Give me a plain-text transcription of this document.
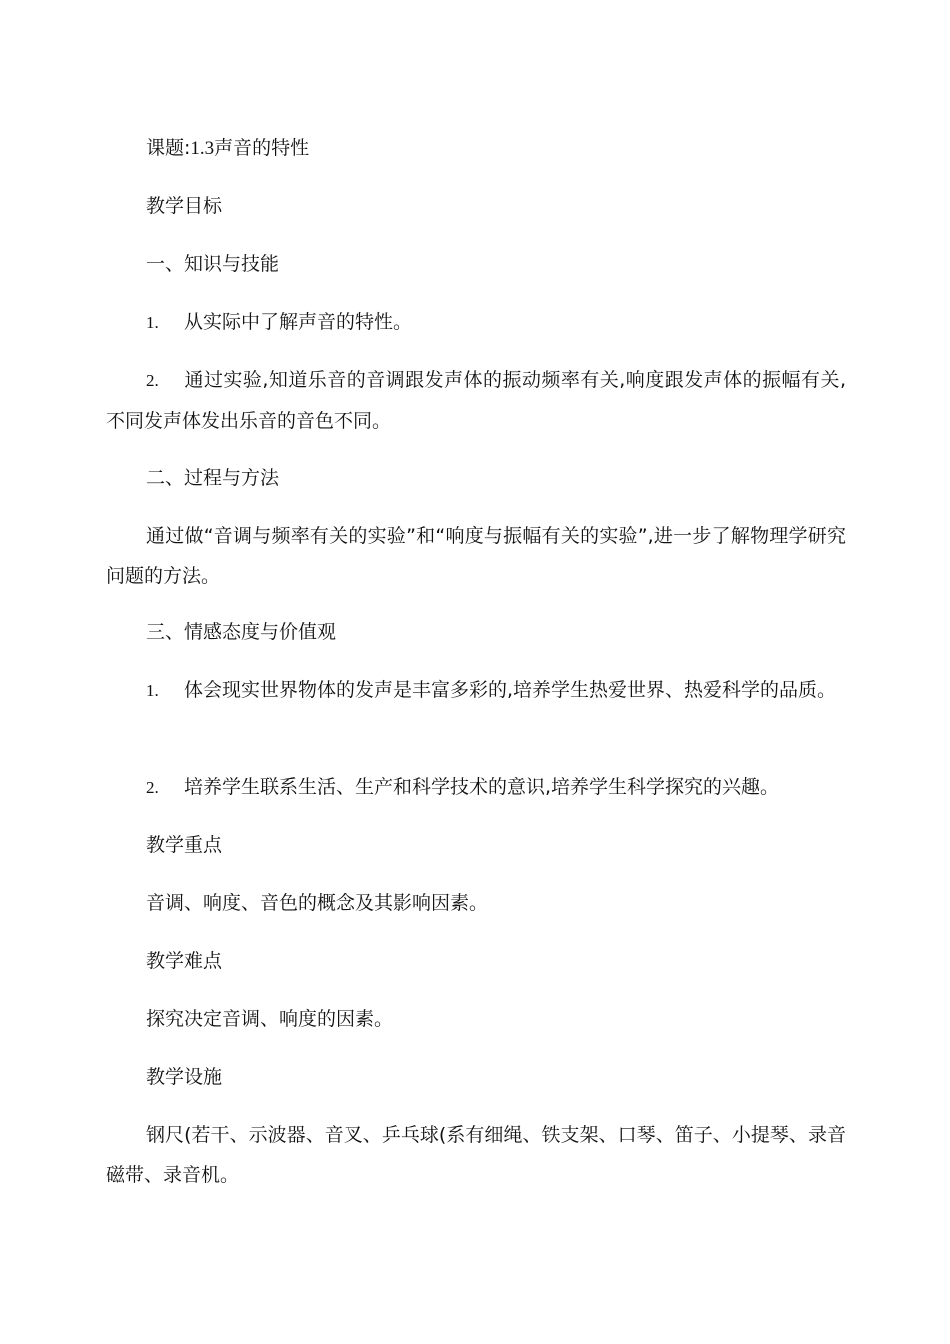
课题:1.3声音的特性
教学目标
一、知识与技能
1. 从实际中了解声音的特性。
2. 通过实验,知道乐音的音调跟发声体的振动频率有关,响度跟发声体的振幅有关,不同发声体发出乐音的音色不同。
二、过程与方法
通过做“音调与频率有关的实验”和“响度与振幅有关的实验”,进一步了解物理学研究问题的方法。
三、情感态度与价值观
1. 体会现实世界物体的发声是丰富多彩的,培养学生热爱世界、热爱科学的品质。
2. 培养学生联系生活、生产和科学技术的意识,培养学生科学探究的兴趣。
教学重点
音调、响度、音色的概念及其影响因素。
教学难点
探究决定音调、响度的因素。
教学设施
钢尺(若干、示波器、音叉、乒乓球(系有细绳、铁支架、口琴、笛子、小提琴、录音磁带、录音机。
